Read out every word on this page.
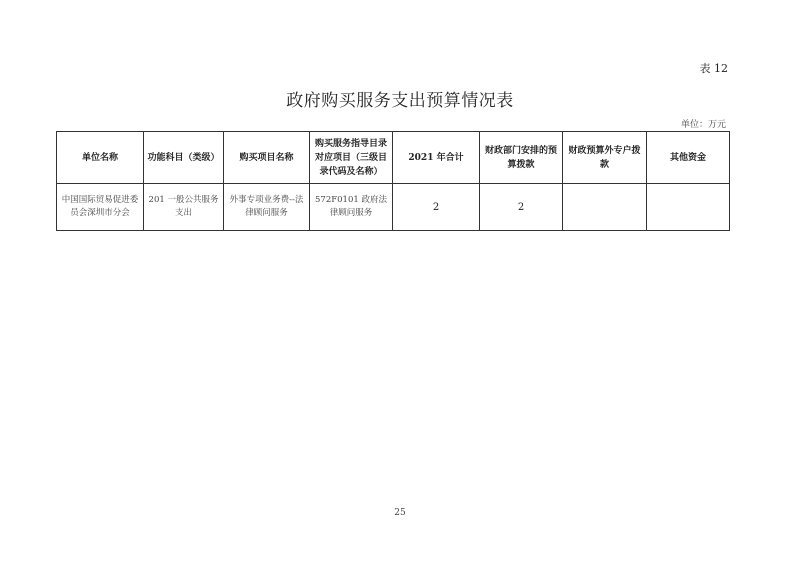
表 12
政府购买服务支出预算情况表
单位：万元
单位名称	功能科目（类级）	购买项目名称	购买服务指导目录对应项目（三级目录代码及名称）	2021 年合计	财政部门安排的预算拨款	财政预算外专户拨款	其他资金
中国国际贸易促进委员会深圳市分会	201 一般公共服务支出	外事专项业务费--法律顾问服务	572F0101 政府法律顾问服务	2	2		
25
